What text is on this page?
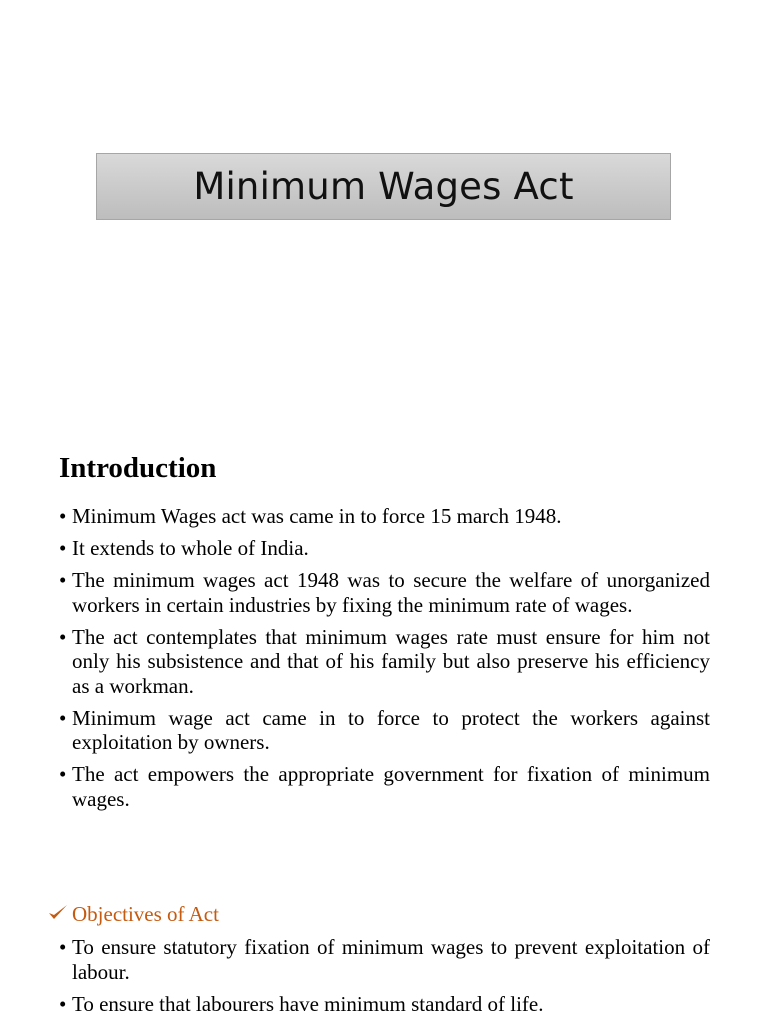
Minimum Wages Act
Introduction
• Minimum Wages act was came in to force 15 march 1948.
• It extends to whole of India.
• The minimum wages act 1948 was to secure the welfare of unorganized workers in certain industries by fixing the minimum rate of wages.
• The act contemplates that minimum wages rate must ensure for him not only his subsistence and that of his family but also preserve his efficiency as a workman.
• Minimum wage act came in to force to protect the workers against exploitation by owners.
• The act empowers the appropriate government for fixation of minimum wages.
Objectives of Act
• To ensure statutory fixation of minimum wages to prevent exploitation of labour.
• To ensure that labourers have minimum standard of life.
